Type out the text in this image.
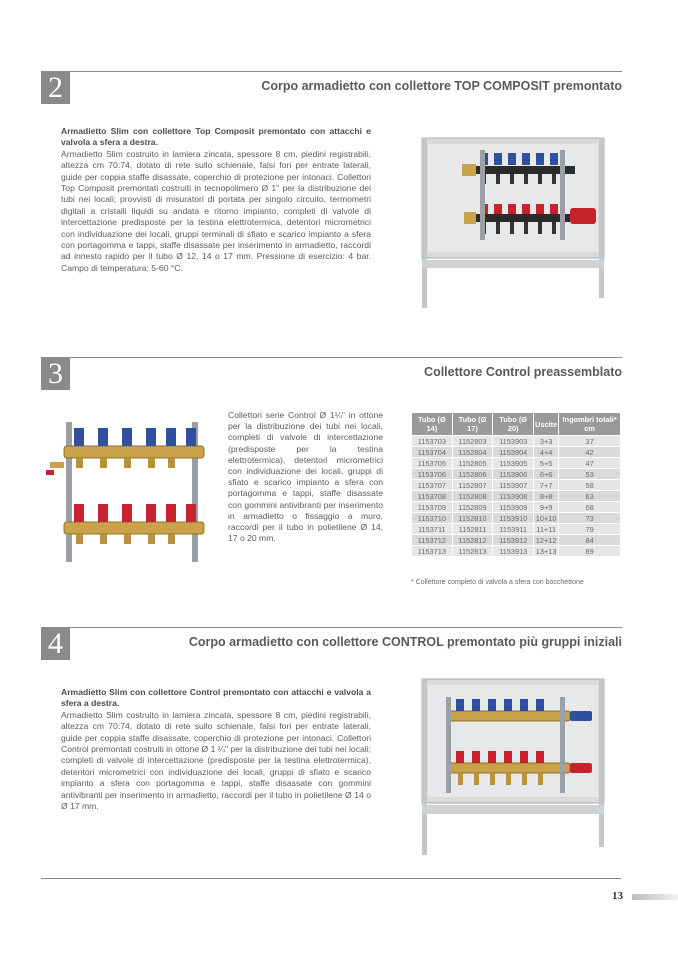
2	Corpo armadietto con collettore TOP COMPOSIT premontato
Armadietto Slim con collettore Top Composit premontato con attacchi e valvola a sfera a destra.
Armadietto Slim costruito in lamiera zincata, spessore 8 cm, piedini registrabili, altezza cm 70:74, dotato di rete sullo schienale, falsi fori per entrate laterali, guide per coppia staffe disassate, coperchio di protezione per intonaci. Collettori Top Composit premontati costruiti in tecnopolimero Ø 1" per la distribuzione dei tubi nei locali; provvisti di misuratori di portata per singolo circuito, termometri digitali a cristalli liquidi su andata e ritorno impianto, completi di valvole di intercettazione predisposte per la testina elettrotermica, detentori micrometrici con individuazione dei locali, gruppi terminali di sfiato e scarico impianto a sfera con portagomma e tappi, staffe disassate per inserimento in armadietto, raccordi ad innesto rapido per il tubo Ø 12, 14 o 17 mm. Pressione di esercizio: 4 bar. Campo di temperatura: 5-60 °C.
3	Collettore Control preassemblato
Collettori serie Control Ø 1¼" in ottone per la distribuzione dei tubi nei locali, completi di valvole di intercettazione (predisposte per la testina elettrotermica), detentori micrometrici con individuazione dei locali, gruppi di sfiato e scarico impianto a sfera con portagomma e tappi, staffe disassate con gommini antivibranti per inserimento in armadietto o fissaggio a muro, raccordi per il tubo in polietilene Ø 14, 17 o 20 mm.
Tubo (Ø 14)	Tubo (Ø 17)	Tubo (Ø 20)	Uscite	Ingombri totali* cm
1153703	1152803	1153903	3+3	37
1153704	1152804	1153904	4+4	42
1153705	1152805	1153905	5+5	47
1153706	1152806	1153906	6+6	53
1153707	1152807	1153907	7+7	58
1153708	1152808	1153908	8+8	63
1153709	1152809	1153909	9+9	68
1153710	1152810	1153910	10+10	73
1153711	1152811	1153911	11+11	79
1153712	1152812	1153912	12+12	84
1153713	1152813	1153913	13+13	89
* Collettore completo di valvola a sfera con bocchettone
4	Corpo armadietto con collettore CONTROL premontato più gruppi iniziali
Armadietto Slim con collettore Control premontato con attacchi e valvola a sfera a destra.
Armadietto Slim costruito in lamiera zincata, spessore 8 cm, piedini registrabili, altezza cm 70:74, dotato di rete sullo schienale, falsi fori per entrate laterali, guide per coppia staffe disassate, coperchio di protezione per intonaci. Collettori Control premontati costruiti in ottone Ø 1 ¼" per la distribuzione dei tubi nei locali; completi di valvole di intercettazione (predisposte per la testina elettrotermica), detentori micrometrici con individuazione dei locali, gruppi di sfiato e scarico impianto a sfera con portagomma e tappi, staffe disassate con gommini antivibranti per inserimento in armadietto, raccordi per il tubo in polietilene Ø 14 o Ø 17 mm.
13
